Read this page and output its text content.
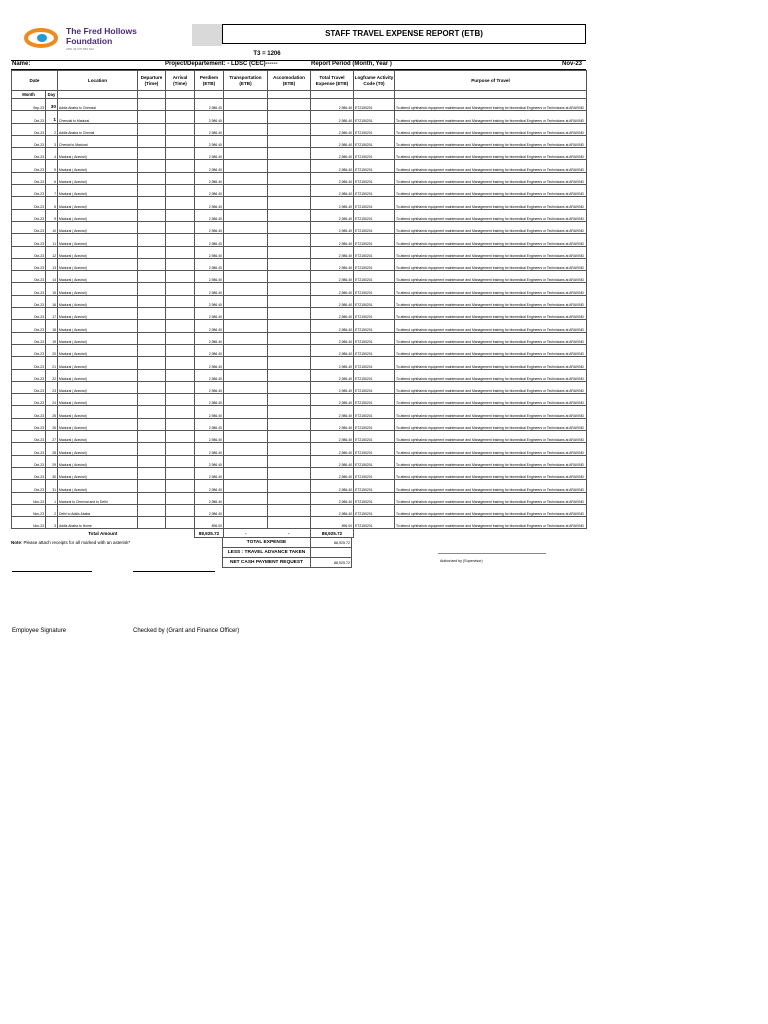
The Fred Hollows
Foundation
ABN 46 070 556 642
STAFF TRAVEL EXPENSE REPORT (ETB)
T3 = 1206
Name:	Project/Departement: - LDSC (CEC)------	Report Period (Month, Year )	Nov-23
Date		Location	Departure (Time)	Arrival (Time)	Perdiem (ETB)	Transportation (ETB)	Accomodation (ETB)	Total Travel Expense (ETB)	Logframe Activity Code (T0)	Purpose of Travel
Month	Day									
Sep-23	30	Addis Ababa to Chencial			2,986.40			2,986.40	ET2150201	To attend ophthalmic equipment maintenance and Management training for biomedical Engineers or Technicians at ARAVIND
Oct-23	1	Chencial to Madurai			2,986.40			2,986.40	ET2150201	To attend ophthalmic equipment maintenance and Management training for biomedical Engineers or Technicians at ARAVIND
Oct-23	2	Addis Ababa to Chenial			2,986.40			2,986.40	ET2150201	To attend ophthalmic equipment maintenance and Management training for biomedical Engineers or Technicians at ARAVIND
Oct-23	3	Chenial to Madurai			2,986.40			2,986.40	ET2150201	To attend ophthalmic equipment maintenance and Management training for biomedical Engineers or Technicians at ARAVIND
Oct-23	4	Madurai ( Aravind)			2,986.40			2,986.40	ET2150201	To attend ophthalmic equipment maintenance and Management training for biomedical Engineers or Technicians at ARAVIND
Oct-23	5	Madurai ( Aravind)			2,986.40			2,986.40	ET2150201	To attend ophthalmic equipment maintenance and Management training for biomedical Engineers or Technicians at ARAVIND
Oct-23	6	Madurai ( Aravind)			2,986.40			2,986.40	ET2150201	To attend ophthalmic equipment maintenance and Management training for biomedical Engineers or Technicians at ARAVIND
Oct-23	7	Madurai ( Aravind)			2,986.40			2,986.40	ET2150201	To attend ophthalmic equipment maintenance and Management training for biomedical Engineers or Technicians at ARAVIND
Oct-23	8	Madurai ( Aravind)			2,986.40			2,986.40	ET2150201	To attend ophthalmic equipment maintenance and Management training for biomedical Engineers or Technicians at ARAVIND
Oct-23	9	Madurai ( Aravind)			2,986.40			2,986.40	ET2150201	To attend ophthalmic equipment maintenance and Management training for biomedical Engineers or Technicians at ARAVIND
Oct-23	10	Madurai ( Aravind)			2,986.40			2,986.40	ET2150201	To attend ophthalmic equipment maintenance and Management training for biomedical Engineers or Technicians at ARAVIND
Oct-23	11	Madurai ( Aravind)			2,986.40			2,986.40	ET2150201	To attend ophthalmic equipment maintenance and Management training for biomedical Engineers or Technicians at ARAVIND
Oct-23	12	Madurai ( Aravind)			2,986.40			2,986.40	ET2150201	To attend ophthalmic equipment maintenance and Management training for biomedical Engineers or Technicians at ARAVIND
Oct-23	13	Madurai ( Aravind)			2,986.40			2,986.40	ET2150201	To attend ophthalmic equipment maintenance and Management training for biomedical Engineers or Technicians at ARAVIND
Oct-23	14	Madurai ( Aravind)			2,986.40			2,986.40	ET2150201	To attend ophthalmic equipment maintenance and Management training for biomedical Engineers or Technicians at ARAVIND
Oct-23	15	Madurai ( Aravind)			2,986.40			2,986.40	ET2150201	To attend ophthalmic equipment maintenance and Management training for biomedical Engineers or Technicians at ARAVIND
Oct-23	16	Madurai ( Aravind)			2,986.40			2,986.40	ET2150201	To attend ophthalmic equipment maintenance and Management training for biomedical Engineers or Technicians at ARAVIND
Oct-23	17	Madurai ( Aravind)			2,986.40			2,986.40	ET2150201	To attend ophthalmic equipment maintenance and Management training for biomedical Engineers or Technicians at ARAVIND
Oct-23	18	Madurai ( Aravind)			2,986.40			2,986.40	ET2150201	To attend ophthalmic equipment maintenance and Management training for biomedical Engineers or Technicians at ARAVIND
Oct-23	19	Madurai ( Aravind)			2,986.40			2,986.40	ET2150201	To attend ophthalmic equipment maintenance and Management training for biomedical Engineers or Technicians at ARAVIND
Oct-23	20	Madurai ( Aravind)			2,986.40			2,986.40	ET2150201	To attend ophthalmic equipment maintenance and Management training for biomedical Engineers or Technicians at ARAVIND
Oct-23	21	Madurai ( Aravind)			2,986.40			2,986.40	ET2150201	To attend ophthalmic equipment maintenance and Management training for biomedical Engineers or Technicians at ARAVIND
Oct-23	22	Madurai ( Aravind)			2,986.40			2,986.40	ET2150201	To attend ophthalmic equipment maintenance and Management training for biomedical Engineers or Technicians at ARAVIND
Oct-23	23	Madurai ( Aravind)			2,986.40			2,986.40	ET2150201	To attend ophthalmic equipment maintenance and Management training for biomedical Engineers or Technicians at ARAVIND
Oct-23	24	Madurai ( Aravind)			2,986.40			2,986.40	ET2150201	To attend ophthalmic equipment maintenance and Management training for biomedical Engineers or Technicians at ARAVIND
Oct-23	25	Madurai ( Aravind)			2,986.40			2,986.40	ET2150201	To attend ophthalmic equipment maintenance and Management training for biomedical Engineers or Technicians at ARAVIND
Oct-23	26	Madurai ( Aravind)			2,986.40			2,986.40	ET2150201	To attend ophthalmic equipment maintenance and Management training for biomedical Engineers or Technicians at ARAVIND
Oct-23	27	Madurai ( Aravind)			2,986.40			2,986.40	ET2150201	To attend ophthalmic equipment maintenance and Management training for biomedical Engineers or Technicians at ARAVIND
Oct-23	28	Madurai ( Aravind)			2,986.40			2,986.40	ET2150201	To attend ophthalmic equipment maintenance and Management training for biomedical Engineers or Technicians at ARAVIND
Oct-23	29	Madurai ( Aravind)			2,986.40			2,986.40	ET2150201	To attend ophthalmic equipment maintenance and Management training for biomedical Engineers or Technicians at ARAVIND
Oct-23	30	Madurai ( Aravind)			2,986.40			2,986.40	ET2150201	To attend ophthalmic equipment maintenance and Management training for biomedical Engineers or Technicians at ARAVIND
Oct-23	31	Madurai ( Aravind)			2,986.40			2,986.40	ET2150201	To attend ophthalmic equipment maintenance and Management training for biomedical Engineers or Technicians at ARAVIND
Nov-23	1	Madurai to Chennai and to Delhi			2,986.40			2,986.40	ET2150201	To attend ophthalmic equipment maintenance and Management training for biomedical Engineers or Technicians at ARAVIND
Nov-23	2	Delhi to Addis Ababa			2,986.40			2,986.40	ET2150201	To attend ophthalmic equipment maintenance and Management training for biomedical Engineers or Technicians at ARAVIND
Nov-23	3	Addis Ababa to Home			896.00			896.00	ET2150201	To attend ophthalmic equipment maintenance and Management training for biomedical Engineers or Technicians at ARAVIND
Total Amount					88,925.72	-	-	88,925.72		
Note: Please attach receipts for all marked with an asterisk*	TOTAL EXPENSE	88,925.72
LESS : TRAVEL ADVANCE TAKEN	
NET CASH PAYMENT REQUEST	88,925.72	Authorized by (Supervisor)
Employee Signature	Checked by (Grant and Finance Officer)
